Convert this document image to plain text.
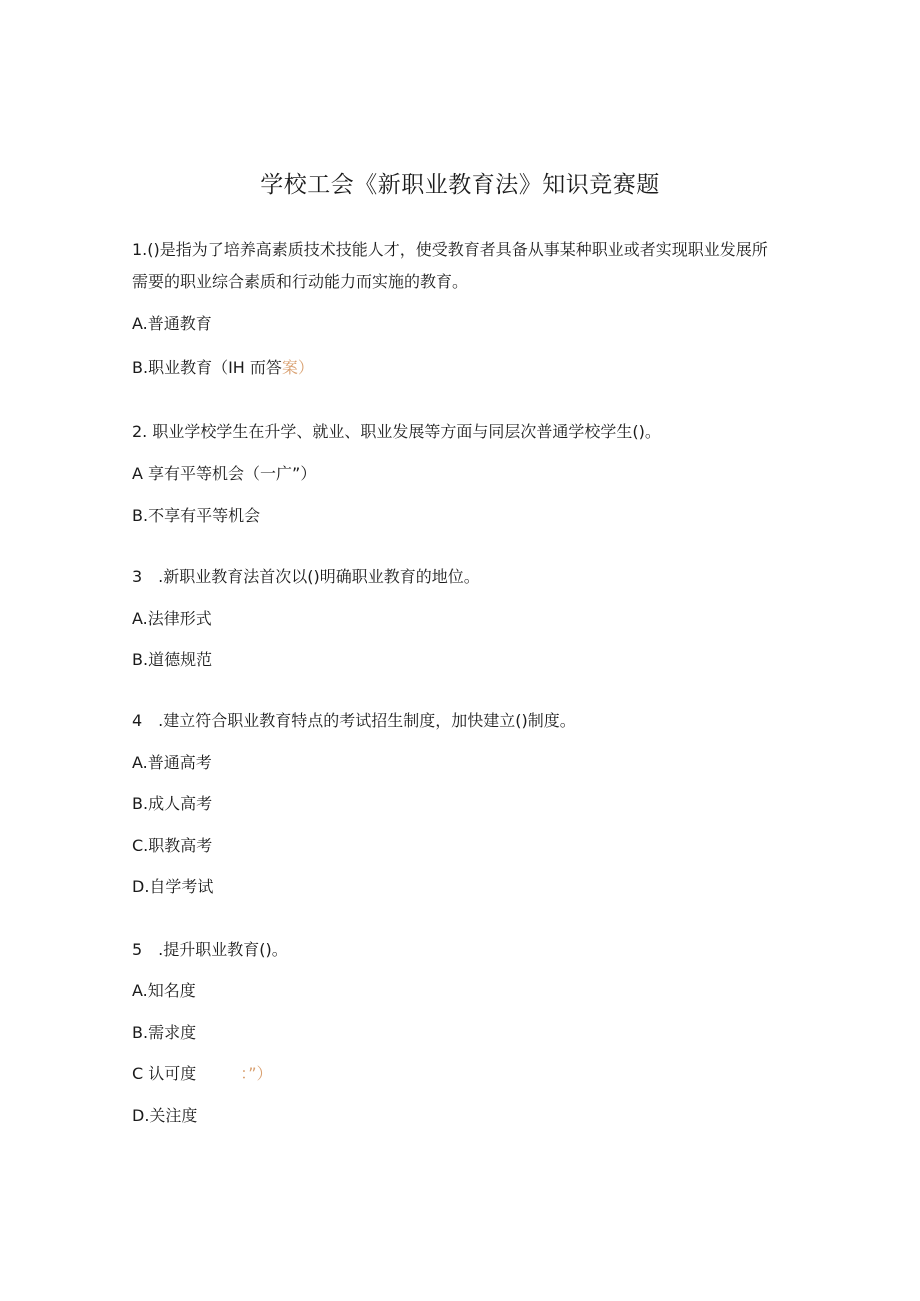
学校工会《新职业教育法》知识竞赛题
1.()是指为了培养高素质技术技能人才，使受教育者具备从事某种职业或者实现职业发展所需要的职业综合素质和行动能力而实施的教育。
A.普通教育
B.职业教育（IH 而答案）
2. 职业学校学生在升学、就业、职业发展等方面与同层次普通学校学生()。
A 享有平等机会（一广”）
B.不享有平等机会
3　.新职业教育法首次以()明确职业教育的地位。
A.法律形式
B.道德规范
4　.建立符合职业教育特点的考试招生制度，加快建立()制度。
A.普通高考
B.成人高考
C.职教高考
D.自学考试
5　.提升职业教育()。
A.知名度
B.需求度
C 认可度	：”）
D.关注度
